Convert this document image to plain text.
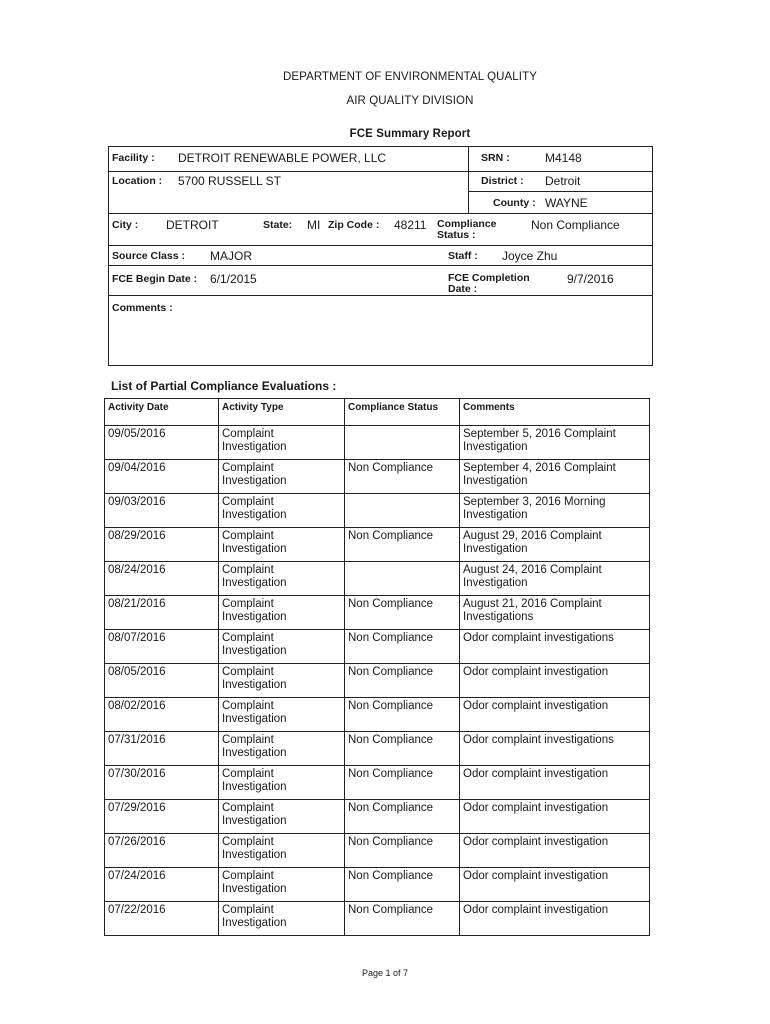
DEPARTMENT OF ENVIRONMENTAL QUALITY
AIR QUALITY DIVISION
FCE Summary Report
Facility : DETROIT RENEWABLE POWER, LLC	SRN :	M4148
Location : 5700 RUSSELL ST	District : Detroit
County : WAYNE
City : DETROIT	State: MI Zip Code : 48211 Compliance Status :
Non Compliance
Source Class : MAJOR	Staff : Joyce Zhu
FCE Begin Date : 6/1/2015	FCE Completion Date :
9/7/2016
Comments :
List of Partial Compliance Evaluations :
Activity Date	Activity Type	Compliance Status	Comments
09/05/2016	Complaint Investigation		September 5, 2016 Complaint Investigation
09/04/2016	Complaint Investigation	Non Compliance	September 4, 2016 Complaint Investigation
09/03/2016	Complaint Investigation		September 3, 2016 Morning Investigation
08/29/2016	Complaint Investigation	Non Compliance	August 29, 2016 Complaint Investigation
08/24/2016	Complaint Investigation		August 24, 2016 Complaint Investigation
08/21/2016	Complaint Investigation	Non Compliance	August 21, 2016 Complaint Investigations
08/07/2016	Complaint Investigation	Non Compliance	Odor complaint investigations
08/05/2016	Complaint Investigation	Non Compliance	Odor complaint investigation
08/02/2016	Complaint Investigation	Non Compliance	Odor complaint investigation
07/31/2016	Complaint Investigation	Non Compliance	Odor complaint investigations
07/30/2016	Complaint Investigation	Non Compliance	Odor complaint investigation
07/29/2016	Complaint Investigation	Non Compliance	Odor complaint investigation
07/26/2016	Complaint Investigation	Non Compliance	Odor complaint investigation
07/24/2016	Complaint Investigation	Non Compliance	Odor complaint investigation
07/22/2016	Complaint Investigation	Non Compliance	Odor complaint investigation
Page 1 of 7
